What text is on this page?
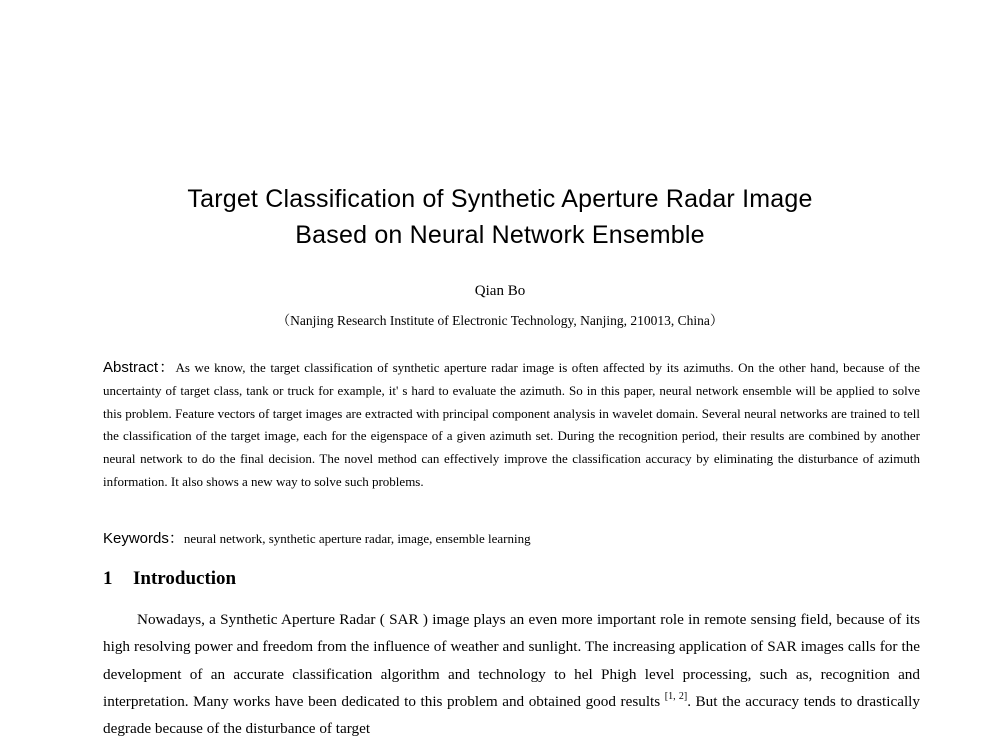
Target Classification of Synthetic Aperture Radar Image
Based on Neural Network Ensemble
Qian Bo
（Nanjing Research Institute of Electronic Technology, Nanjing, 210013, China）
Abstract：As we know, the target classification of synthetic aperture radar image is often affected by its azimuths. On the other hand, because of the uncertainty of target class, tank or truck for example, it' s hard to evaluate the azimuth. So in this paper, neural network ensemble will be applied to solve this problem. Feature vectors of target images are extracted with principal component analysis in wavelet domain. Several neural networks are trained to tell the classification of the target image, each for the eigenspace of a given azimuth set. During the recognition period, their results are combined by another neural network to do the final decision. The novel method can effectively improve the classification accuracy by eliminating the disturbance of azimuth information. It also shows a new way to solve such problems.
Keywords：neural network, synthetic aperture radar, image, ensemble learning
1 Introduction
Nowadays, a Synthetic Aperture Radar ( SAR ) image plays an even more important role in remote sensing field, because of its high resolving power and freedom from the influence of weather and sunlight. The increasing application of SAR images calls for the development of an accurate classification algorithm and technology to hel Phigh level processing, such as, recognition and interpretation. Many works have been dedicated to this problem and obtained good results [1, 2]. But the accuracy tends to drastically degrade because of the disturbance of target
